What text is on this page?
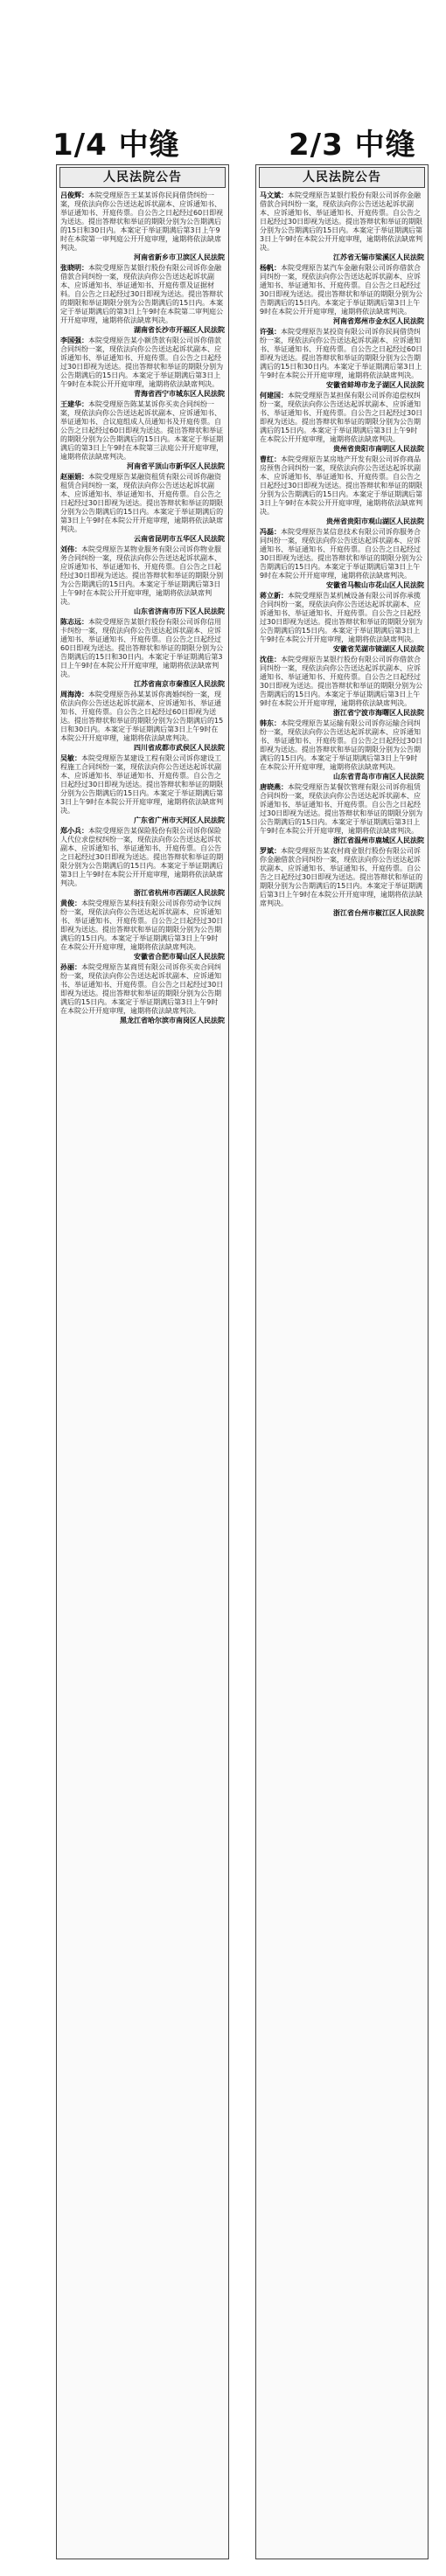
1/4 中缝	2/3 中缝
人民法院公告
吕俊辉：本院受理原告王某某诉你民间借贷纠纷一案，现依法向你公告送达起诉状副本、应诉通知书、举证通知书、开庭传票。自公告之日起经过60日即视为送达。提出答辩状和举证的期限分别为公告期满后的15日和30日内。本案定于举证期满后第3日上午9时在本院第一审判庭公开开庭审理，逾期将依法缺席判决。
河南省新乡市卫滨区人民法院
张晓明：本院受理原告某银行股份有限公司诉你金融借款合同纠纷一案，现依法向你公告送达起诉状副本、应诉通知书、举证通知书、开庭传票及证据材料。自公告之日起经过30日即视为送达。提出答辩状的期限和举证期限分别为公告期满后的15日内。本案定于举证期满后的第3日上午9时在本院第二审判庭公开开庭审理，逾期将依法缺席判决。
湖南省长沙市开福区人民法院
李国强：本院受理原告某小额贷款有限公司诉你借款合同纠纷一案，现依法向你公告送达起诉状副本、应诉通知书、举证通知书、开庭传票。自公告之日起经过30日即视为送达。提出答辩状和举证的期限分别为公告期满后的15日内。本案定于举证期满后第3日上午9时在本院公开开庭审理，逾期将依法缺席判决。
青海省西宁市城东区人民法院
王建华：本院受理原告陈某某诉你买卖合同纠纷一案，现依法向你公告送达起诉状副本、应诉通知书、举证通知书、合议庭组成人员通知书及开庭传票。自公告之日起经过60日即视为送达。提出答辩状和举证的期限分别为公告期满后的15日内。本案定于举证期满后的第3日上午9时在本院第三法庭公开开庭审理，逾期将依法缺席判决。
河南省平顶山市新华区人民法院
赵丽娟：本院受理原告某融资租赁有限公司诉你融资租赁合同纠纷一案，现依法向你公告送达起诉状副本、应诉通知书、举证通知书、开庭传票。自公告之日起经过30日即视为送达。提出答辩状和举证的期限分别为公告期满后的15日内。本案定于举证期满后的第3日上午9时在本院公开开庭审理，逾期将依法缺席判决。
云南省昆明市五华区人民法院
刘伟：本院受理原告某物业服务有限公司诉你物业服务合同纠纷一案，现依法向你公告送达起诉状副本、应诉通知书、举证通知书、开庭传票。自公告之日起经过30日即视为送达。提出答辩状和举证的期限分别为公告期满后的15日内。本案定于举证期满后第3日上午9时在本院公开开庭审理，逾期将依法缺席判决。
山东省济南市历下区人民法院
陈志远：本院受理原告某银行股份有限公司诉你信用卡纠纷一案，现依法向你公告送达起诉状副本、应诉通知书、举证通知书、开庭传票。自公告之日起经过60日即视为送达。提出答辩状和举证的期限分别为公告期满后的15日和30日内。本案定于举证期满后第3日上午9时在本院公开开庭审理，逾期将依法缺席判决。
江苏省南京市秦淮区人民法院
周海涛：本院受理原告孙某某诉你离婚纠纷一案，现依法向你公告送达起诉状副本、应诉通知书、举证通知书、开庭传票。自公告之日起经过60日即视为送达。提出答辩状和举证的期限分别为公告期满后的15日和30日内。本案定于举证期满后第3日上午9时在本院公开开庭审理，逾期将依法缺席判决。
四川省成都市武侯区人民法院
吴敏：本院受理原告某建设工程有限公司诉你建设工程施工合同纠纷一案，现依法向你公告送达起诉状副本、应诉通知书、举证通知书、开庭传票。自公告之日起经过30日即视为送达。提出答辩状和举证的期限分别为公告期满后的15日内。本案定于举证期满后第3日上午9时在本院公开开庭审理，逾期将依法缺席判决。
广东省广州市天河区人民法院
郑小兵：本院受理原告某保险股份有限公司诉你保险人代位求偿权纠纷一案，现依法向你公告送达起诉状副本、应诉通知书、举证通知书、开庭传票。自公告之日起经过30日即视为送达。提出答辩状和举证的期限分别为公告期满后的15日内。本案定于举证期满后第3日上午9时在本院公开开庭审理，逾期将依法缺席判决。
浙江省杭州市西湖区人民法院
黄俊：本院受理原告某科技有限公司诉你劳动争议纠纷一案，现依法向你公告送达起诉状副本、应诉通知书、举证通知书、开庭传票。自公告之日起经过30日即视为送达。提出答辩状和举证的期限分别为公告期满后的15日内。本案定于举证期满后第3日上午9时在本院公开开庭审理，逾期将依法缺席判决。
安徽省合肥市蜀山区人民法院
孙丽：本院受理原告某商贸有限公司诉你买卖合同纠纷一案，现依法向你公告送达起诉状副本、应诉通知书、举证通知书、开庭传票。自公告之日起经过30日即视为送达。提出答辩状和举证的期限分别为公告期满后的15日内。本案定于举证期满后第3日上午9时在本院公开开庭审理，逾期将依法缺席判决。
黑龙江省哈尔滨市南岗区人民法院
人民法院公告
马文斌：本院受理原告某银行股份有限公司诉你金融借款合同纠纷一案，现依法向你公告送达起诉状副本、应诉通知书、举证通知书、开庭传票。自公告之日起经过30日即视为送达。提出答辩状和举证的期限分别为公告期满后的15日内。本案定于举证期满后第3日上午9时在本院公开开庭审理，逾期将依法缺席判决。
江苏省无锡市梁溪区人民法院
杨帆：本院受理原告某汽车金融有限公司诉你借款合同纠纷一案，现依法向你公告送达起诉状副本、应诉通知书、举证通知书、开庭传票。自公告之日起经过30日即视为送达。提出答辩状和举证的期限分别为公告期满后的15日内。本案定于举证期满后第3日上午9时在本院公开开庭审理，逾期将依法缺席判决。
河南省郑州市金水区人民法院
许强：本院受理原告某投资有限公司诉你民间借贷纠纷一案，现依法向你公告送达起诉状副本、应诉通知书、举证通知书、开庭传票。自公告之日起经过60日即视为送达。提出答辩状和举证的期限分别为公告期满后的15日和30日内。本案定于举证期满后第3日上午9时在本院公开开庭审理，逾期将依法缺席判决。
安徽省蚌埠市龙子湖区人民法院
何建国：本院受理原告某担保有限公司诉你追偿权纠纷一案，现依法向你公告送达起诉状副本、应诉通知书、举证通知书、开庭传票。自公告之日起经过30日即视为送达。提出答辩状和举证的期限分别为公告期满后的15日内。本案定于举证期满后第3日上午9时在本院公开开庭审理，逾期将依法缺席判决。
贵州省贵阳市南明区人民法院
曹红：本院受理原告某房地产开发有限公司诉你商品房预售合同纠纷一案，现依法向你公告送达起诉状副本、应诉通知书、举证通知书、开庭传票。自公告之日起经过30日即视为送达。提出答辩状和举证的期限分别为公告期满后的15日内。本案定于举证期满后第3日上午9时在本院公开开庭审理，逾期将依法缺席判决。
贵州省贵阳市观山湖区人民法院
冯磊：本院受理原告某信息技术有限公司诉你服务合同纠纷一案，现依法向你公告送达起诉状副本、应诉通知书、举证通知书、开庭传票。自公告之日起经过30日即视为送达。提出答辩状和举证的期限分别为公告期满后的15日内。本案定于举证期满后第3日上午9时在本院公开开庭审理，逾期将依法缺席判决。
安徽省马鞍山市花山区人民法院
蒋立新：本院受理原告某机械设备有限公司诉你承揽合同纠纷一案，现依法向你公告送达起诉状副本、应诉通知书、举证通知书、开庭传票。自公告之日起经过30日即视为送达。提出答辩状和举证的期限分别为公告期满后的15日内。本案定于举证期满后第3日上午9时在本院公开开庭审理，逾期将依法缺席判决。
安徽省芜湖市镜湖区人民法院
沈佳：本院受理原告某银行股份有限公司诉你借款合同纠纷一案，现依法向你公告送达起诉状副本、应诉通知书、举证通知书、开庭传票。自公告之日起经过30日即视为送达。提出答辩状和举证的期限分别为公告期满后的15日内。本案定于举证期满后第3日上午9时在本院公开开庭审理，逾期将依法缺席判决。
浙江省宁波市海曙区人民法院
韩东：本院受理原告某运输有限公司诉你运输合同纠纷一案，现依法向你公告送达起诉状副本、应诉通知书、举证通知书、开庭传票。自公告之日起经过30日即视为送达。提出答辩状和举证的期限分别为公告期满后的15日内。本案定于举证期满后第3日上午9时在本院公开开庭审理，逾期将依法缺席判决。
山东省青岛市市南区人民法院
唐晓燕：本院受理原告某餐饮管理有限公司诉你租赁合同纠纷一案，现依法向你公告送达起诉状副本、应诉通知书、举证通知书、开庭传票。自公告之日起经过30日即视为送达。提出答辩状和举证的期限分别为公告期满后的15日内。本案定于举证期满后第3日上午9时在本院公开开庭审理，逾期将依法缺席判决。
浙江省温州市鹿城区人民法院
罗斌：本院受理原告某农村商业银行股份有限公司诉你金融借款合同纠纷一案，现依法向你公告送达起诉状副本、应诉通知书、举证通知书、开庭传票。自公告之日起经过30日即视为送达。提出答辩状和举证的期限分别为公告期满后的15日内。本案定于举证期满后第3日上午9时在本院公开开庭审理，逾期将依法缺席判决。
浙江省台州市椒江区人民法院
